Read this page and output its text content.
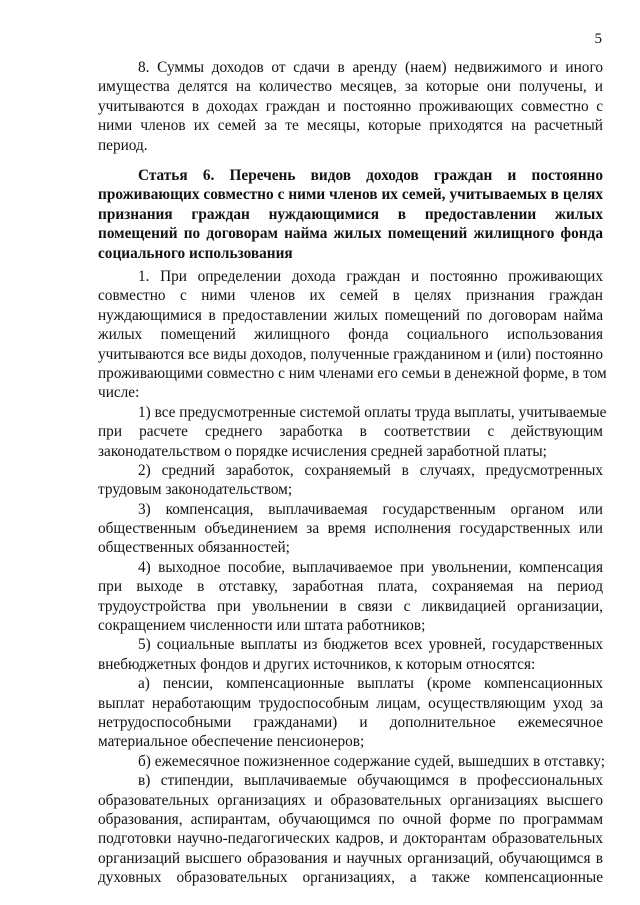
5
8. Суммы доходов от сдачи в аренду (наем) недвижимого и иного
имущества делятся на количество месяцев, за которые они получены, и
учитываются в доходах граждан и постоянно проживающих совместно с
ними членов их семей за те месяцы, которые приходятся на расчетный
период.
Статья 6. Перечень видов доходов граждан и постоянно
проживающих совместно с ними членов их семей, учитываемых в целях
признания граждан нуждающимися в предоставлении жилых
помещений по договорам найма жилых помещений жилищного фонда
социального использования
1. При определении дохода граждан и постоянно проживающих
совместно с ними членов их семей в целях признания граждан
нуждающимися в предоставлении жилых помещений по договорам найма
жилых помещений жилищного фонда социального использования
учитываются все виды доходов, полученные гражданином и (или) постоянно
проживающими совместно с ним членами его семьи в денежной форме, в том
числе:
1) все предусмотренные системой оплаты труда выплаты, учитываемые
при расчете среднего заработка в соответствии с действующим
законодательством о порядке исчисления средней заработной платы;
2) средний заработок, сохраняемый в случаях, предусмотренных
трудовым законодательством;
3) компенсация, выплачиваемая государственным органом или
общественным объединением за время исполнения государственных или
общественных обязанностей;
4) выходное пособие, выплачиваемое при увольнении, компенсация
при выходе в отставку, заработная плата, сохраняемая на период
трудоустройства при увольнении в связи с ликвидацией организации,
сокращением численности или штата работников;
5) социальные выплаты из бюджетов всех уровней, государственных
внебюджетных фондов и других источников, к которым относятся:
а) пенсии, компенсационные выплаты (кроме компенсационных
выплат неработающим трудоспособным лицам, осуществляющим уход за
нетрудоспособными гражданами) и дополнительное ежемесячное
материальное обеспечение пенсионеров;
б) ежемесячное пожизненное содержание судей, вышедших в отставку;
в) стипендии, выплачиваемые обучающимся в профессиональных
образовательных организациях и образовательных организациях высшего
образования, аспирантам, обучающимся по очной форме по программам
подготовки научно-педагогических кадров, и докторантам образовательных
организаций высшего образования и научных организаций, обучающимся в
духовных образовательных организациях, а также компенсационные
